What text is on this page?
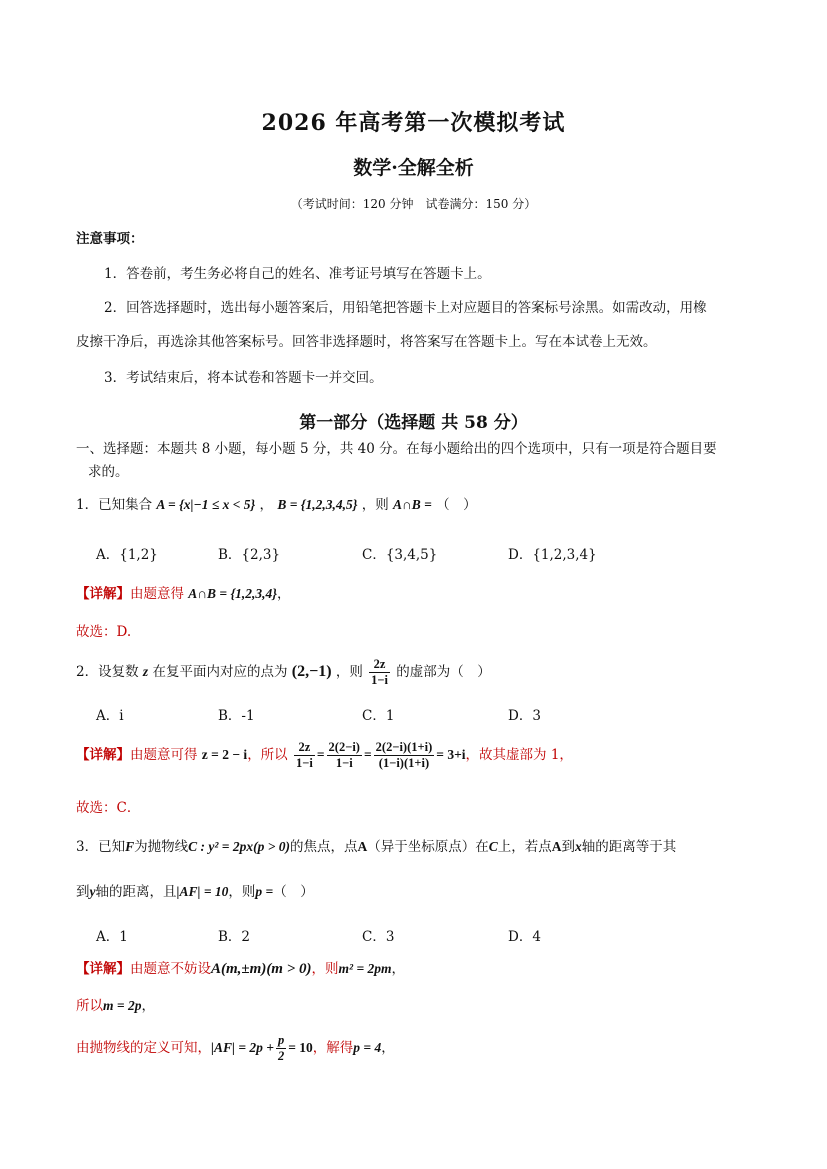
2026 年高考第一次模拟考试
数学·全解全析
（考试时间：120 分钟　试卷满分：150 分）
注意事项：
1．答卷前，考生务必将自己的姓名、准考证号填写在答题卡上。
2．回答选择题时，选出每小题答案后，用铅笔把答题卡上对应题目的答案标号涂黑。如需改动，用橡
皮擦干净后，再选涂其他答案标号。回答非选择题时，将答案写在答题卡上。写在本试卷上无效。
3．考试结束后，将本试卷和答题卡一并交回。
第一部分（选择题 共 58 分）
一、选择题：本题共 8 小题，每小题 5 分，共 40 分。在每小题给出的四个选项中，只有一项是符合题目要
求的。
1．已知集合 A = {x|−1 ≤ x < 5} ， B = {1,2,3,4,5} ，则 A∩B = （　）
A．{1,2}	B．{2,3}	C．{3,4,5}	D．{1,2,3,4}
【详解】由题意得 A∩B = {1,2,3,4}，
故选：D.
2．设复数 z 在复平面内对应的点为 (2,−1) ，则 $\frac{2z}{1-i}$ 的虚部为（　）
A．i	B．-1	C．1	D．3
【详解】由题意可得 z = 2 − i，所以 $\frac{2z}{1-i} = \frac{2(2-i)}{1-i} = \frac{2(2-i)(1+i)}{(1-i)(1+i)} = 3+i$，故其虚部为 1，
故选：C．
3．已知F为抛物线C : y² = 2px(p > 0)的焦点，点A（异于坐标原点）在C上，若点A到x轴的距离等于其
到y轴的距离，且|AF| = 10，则p =（　）
A．1	B．2	C．3	D．4
【详解】由题意不妨设A(m,±m)(m > 0)，则m² = 2pm，
所以m = 2p，
由抛物线的定义可知，$|AF| = 2p + \frac{p}{2} = 10$，解得p = 4，
